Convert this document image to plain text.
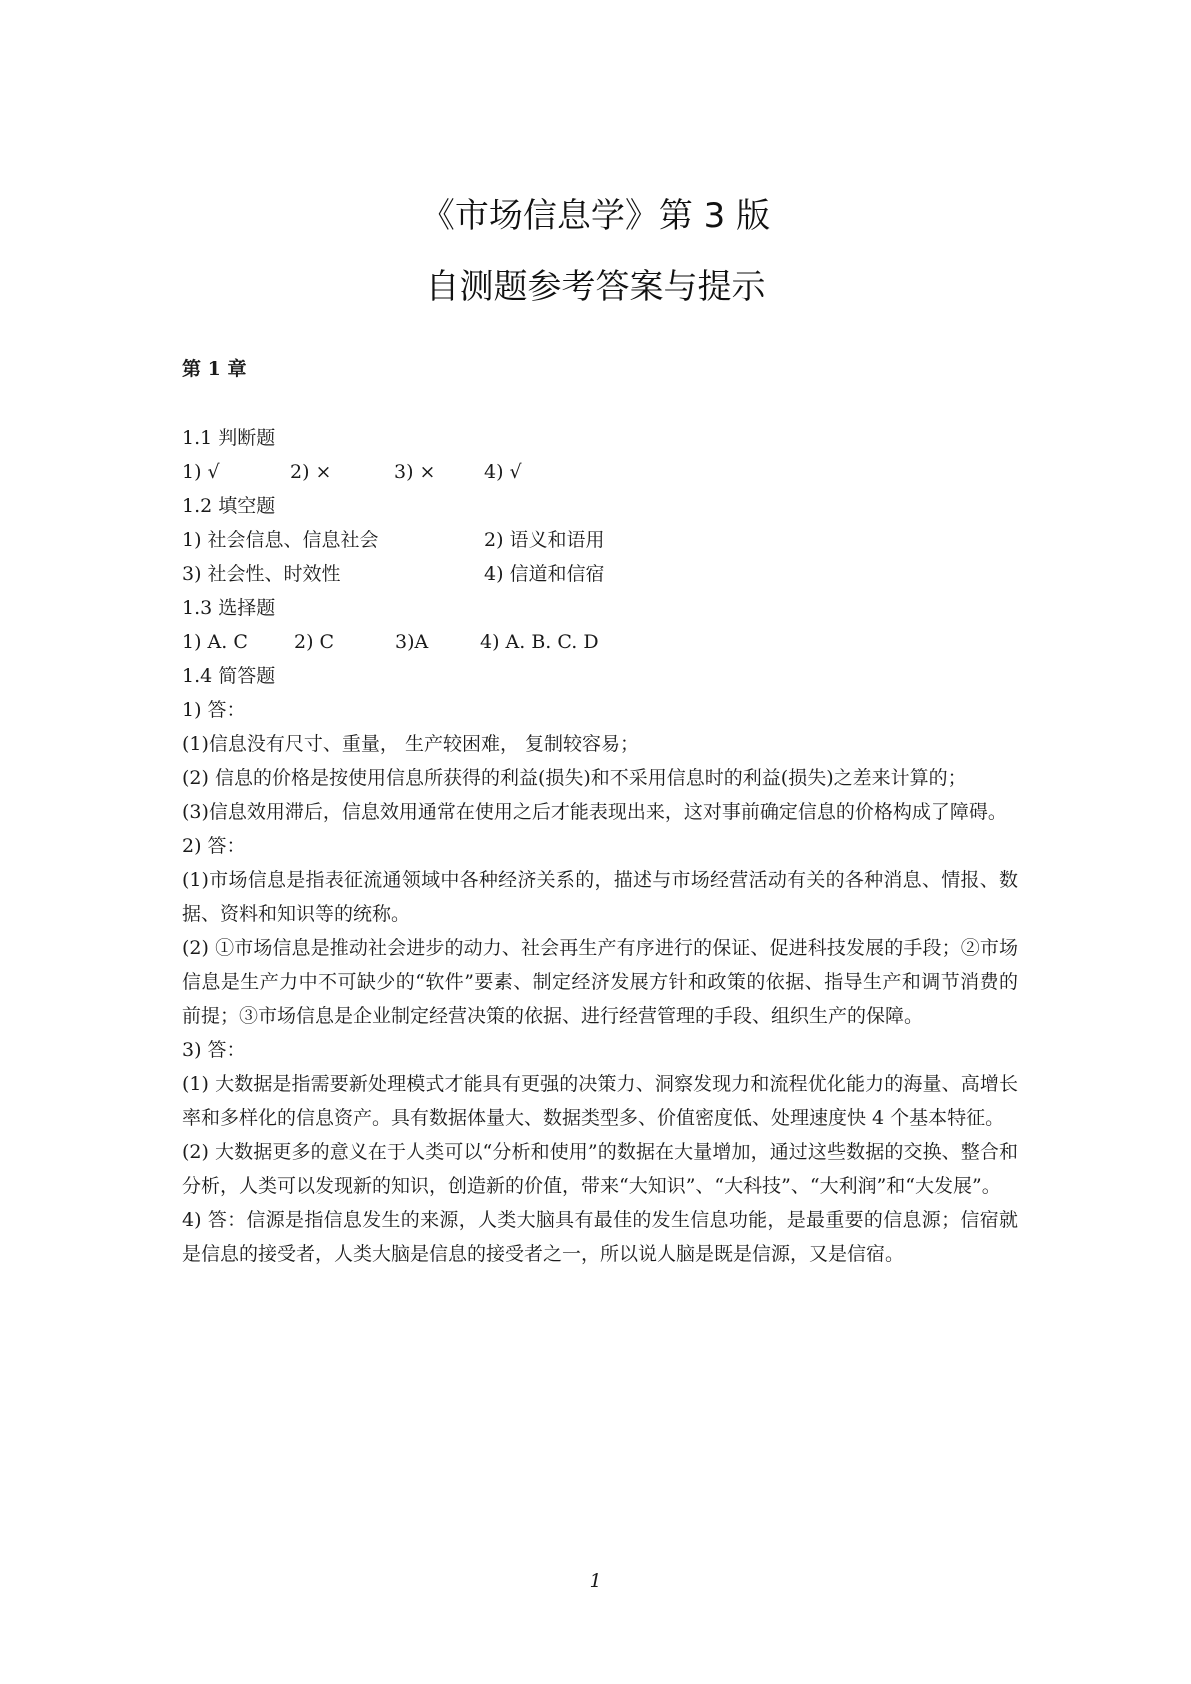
《市场信息学》第 3 版
自测题参考答案与提示
第 1 章
1.1 判断题
1) √	2) ×	3) ×	4) √
1.2 填空题
1) 社会信息、信息社会	2) 语义和语用
3) 社会性、时效性	4) 信道和信宿
1.3 选择题
1) A. C 2) C	3)A	4) A. B. C. D
1.4 简答题
1) 答：
(1)信息没有尺寸、重量， 生产较困难， 复制较容易；
(2) 信息的价格是按使用信息所获得的利益(损失)和不采用信息时的利益(损失)之差来计算的；
(3)信息效用滞后，信息效用通常在使用之后才能表现出来，这对事前确定信息的价格构成了障碍。
2) 答：
(1)市场信息是指表征流通领域中各种经济关系的，描述与市场经营活动有关的各种消息、情报、数据、资料和知识等的统称。
(2) ①市场信息是推动社会进步的动力、社会再生产有序进行的保证、促进科技发展的手段；②市场信息是生产力中不可缺少的“软件”要素、制定经济发展方针和政策的依据、指导生产和调节消费的前提；③市场信息是企业制定经营决策的依据、进行经营管理的手段、组织生产的保障。
3) 答：
(1) 大数据是指需要新处理模式才能具有更强的决策力、洞察发现力和流程优化能力的海量、高增长率和多样化的信息资产。具有数据体量大、数据类型多、价值密度低、处理速度快 4 个基本特征。
(2) 大数据更多的意义在于人类可以“分析和使用”的数据在大量增加，通过这些数据的交换、整合和分析，人类可以发现新的知识，创造新的价值，带来“大知识”、“大科技”、“大利润”和“大发展”。
4) 答：信源是指信息发生的来源，人类大脑具有最佳的发生信息功能，是最重要的信息源；信宿就是信息的接受者，人类大脑是信息的接受者之一，所以说人脑是既是信源，又是信宿。
1
